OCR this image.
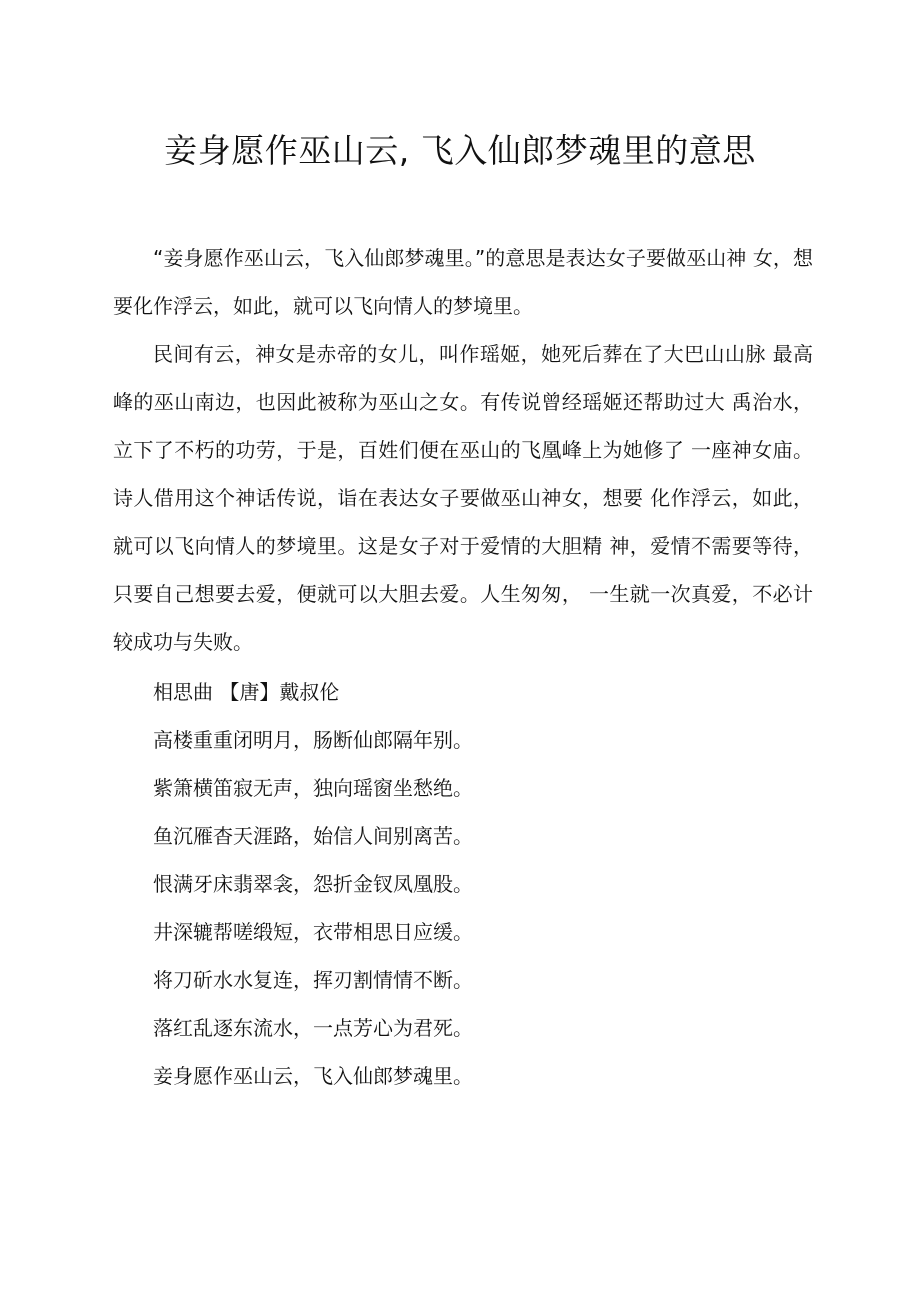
妾身愿作巫山云, 飞入仙郎梦魂里的意思

“妾身愿作巫山云，飞入仙郎梦魂里。”的意思是表达女子要做巫山神 女，想要化作浮云，如此，就可以飞向情人的梦境里。

民间有云，神女是赤帝的女儿，叫作瑶姬，她死后葬在了大巴山山脉 最高峰的巫山南边，也因此被称为巫山之女。有传说曾经瑶姬还帮助过大 禹治水，立下了不朽的功劳，于是，百姓们便在巫山的飞凰峰上为她修了 一座神女庙。诗人借用这个神话传说，诣在表达女子要做巫山神女，想要 化作浮云，如此，就可以飞向情人的梦境里。这是女子对于爱情的大胆精 神，爱情不需要等待，只要自己想要去爱，便就可以大胆去爱。人生匆匆， 一生就一次真爱，不必计较成功与失败。

相思曲 【唐】戴叔伦

高楼重重闭明月，肠断仙郎隔年别。

紫箫横笛寂无声，独向瑶窗坐愁绝。

鱼沉雁杳天涯路，始信人间别离苦。

恨满牙床翡翠衾，怨折金钗凤凰股。

井深辘帮嗟缎短，衣带相思日应缓。

将刀斫水水复连，挥刃割情情不断。

落红乱逐东流水，一点芳心为君死。

妾身愿作巫山云，飞入仙郎梦魂里。
